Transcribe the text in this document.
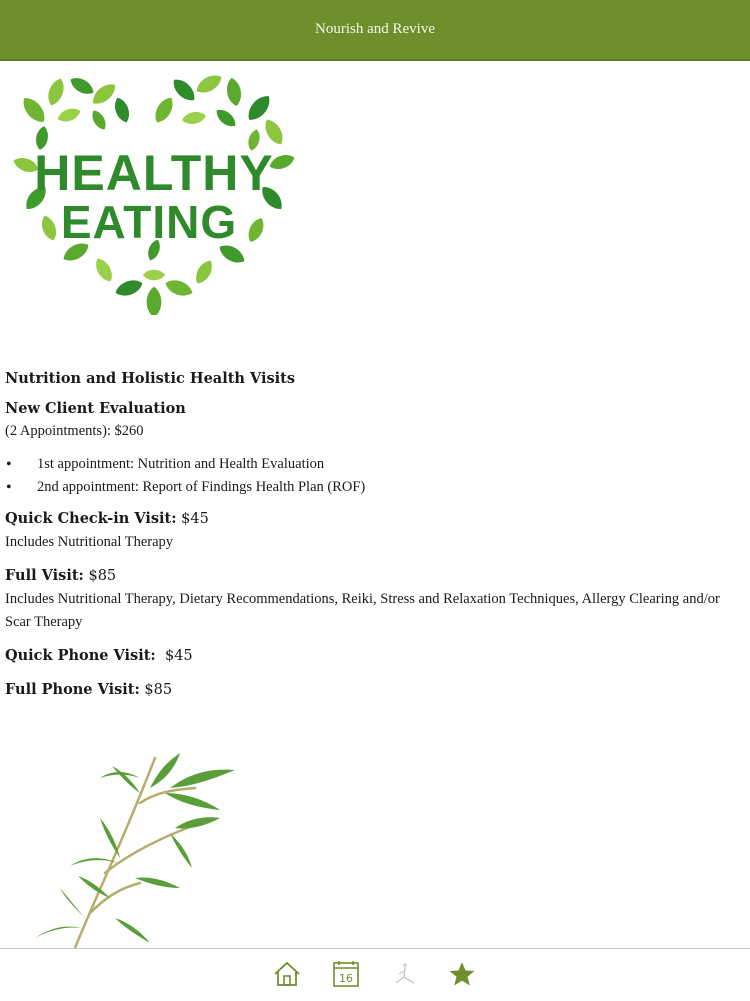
Nourish and Revive
HEALTHY
EATING

Nutrition and Holistic Health Visits

New Client Evaluation

(2 Appointments): $260

• 1st appointment: Nutrition and Health Evaluation
• 2nd appointment: Report of Findings Health Plan (ROF)

Quick Check-in Visit: $45

Includes Nutritional Therapy

Full Visit: $85

Includes Nutritional Therapy, Dietary Recommendations, Reiki, Stress and Relaxation Techniques, Allergy Clearing and/or Scar Therapy

Quick Phone Visit:  $45

Full Phone Visit: $85

16
